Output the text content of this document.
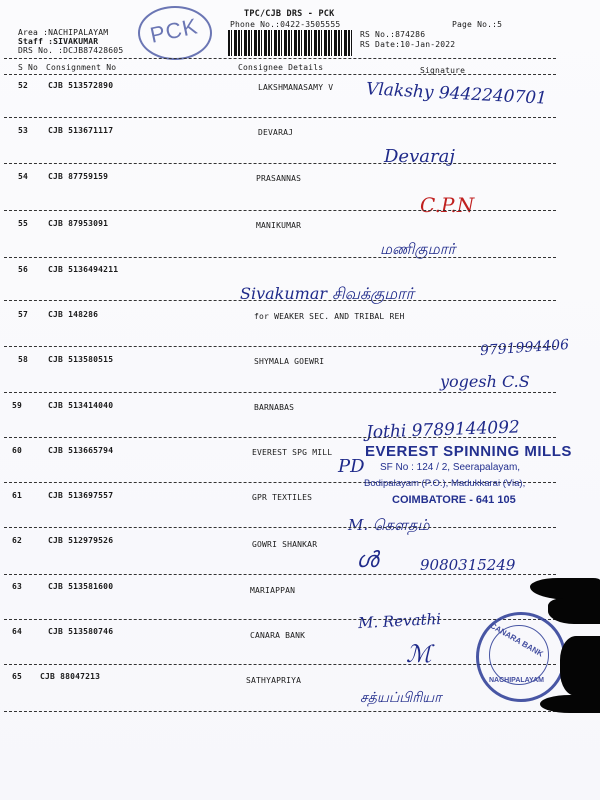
PCK	TPC/CJB DRS - PCK
Phone No.:0422-3505555
Area :NACHIPALAYAM
Staff :SIVAKUMAR
DRS No. :DCJB87428605
RS No.:874286
RS Date:10-Jan-2022
Page No.:5
S No Consignment No	Consignee Details	Signature
52 CJB 513572890	LAKSHMANASAMY V Vlakshy 9442240701
53 CJB 513671117	DEVARAJ
Devaraj
54 CJB 87759159	PRASANNAS
C.P.N
55 CJB 87953091	MANIKUMAR
மணிகுமார்
56 CJB 5136494211
Sivakumar சிவக்குமார்
57 CJB 148286	for WEAKER SEC. AND TRIBAL REH
9791994406
58 CJB 513580515	SHYMALA GOEWRI
yogesh C.S
59	CJB 513414040	BARNABAS
Jothi 9789144092
60	CJB 513665794	EVEREST SPG MILL EVEREST SPINNING MILLS
SF No : 124 / 2, Seerapalayam,
Bodipalayam (P.O.), Madukkarai (Via),
COIMBATORE - 641 105
PD
61	CJB 513697557	GPR TEXTILES
M. கௌதம்
62	CJB 512979526	GOWRI SHANKAR
ൾ	9080315249
63	CJB 513581600	MARIAPPAN
M. Revathi
64	CJB 513580746	CANARA BANK
ℳ
65 CJB 88047213	SATHYAPRIYA
சத்யப்பிரியா
CANARA BANK
NACHIPALAYAM
